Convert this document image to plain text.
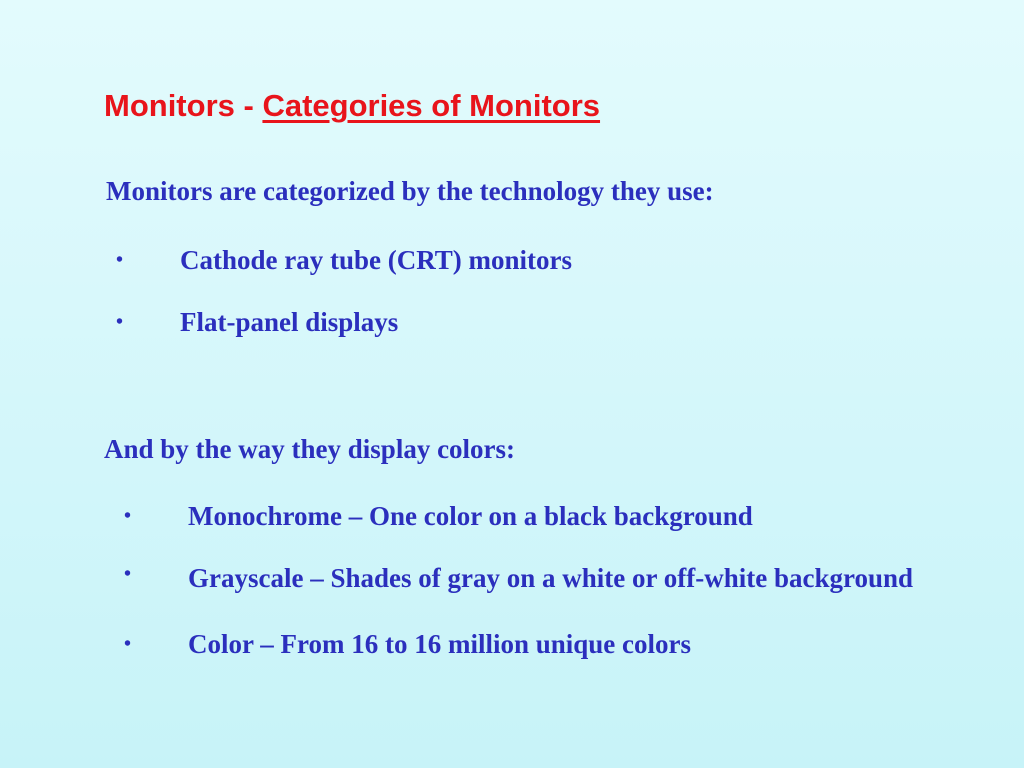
Monitors - Categories of Monitors

Monitors are categorized by the technology they use:

• Cathode ray tube (CRT) monitors
• Flat-panel displays

And by the way they display colors:

• Monochrome – One color on a black background
• Grayscale – Shades of gray on a white or off-white background
• Color – From 16 to 16 million unique colors
